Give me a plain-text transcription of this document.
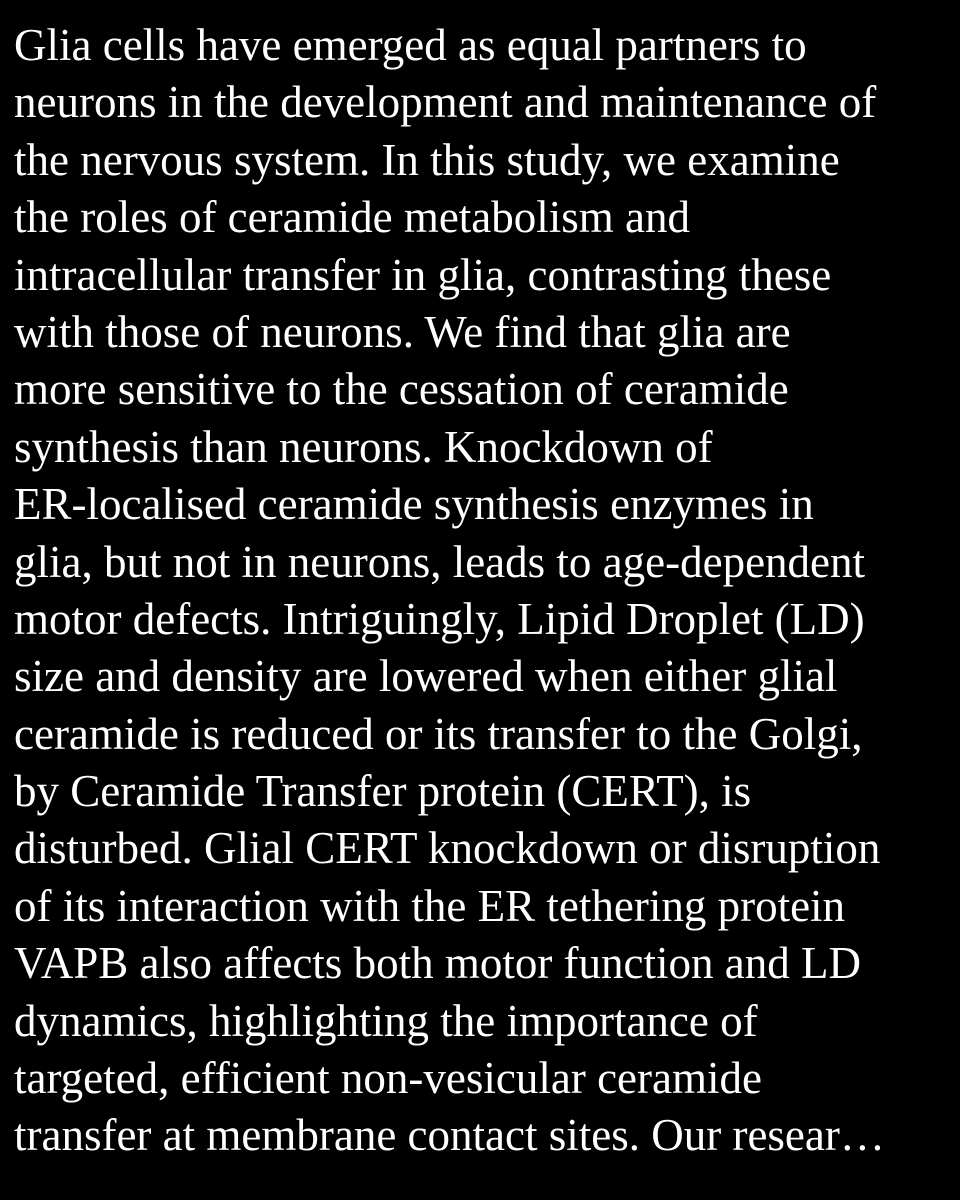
Glia cells have emerged as equal partners to
neurons in the development and maintenance of
the nervous system. In this study, we examine
the roles of ceramide metabolism and
intracellular transfer in glia, contrasting these
with those of neurons. We find that glia are
more sensitive to the cessation of ceramide
synthesis than neurons. Knockdown of
ER-localised ceramide synthesis enzymes in
glia, but not in neurons, leads to age-dependent
motor defects. Intriguingly, Lipid Droplet (LD)
size and density are lowered when either glial
ceramide is reduced or its transfer to the Golgi,
by Ceramide Transfer protein (CERT), is
disturbed. Glial CERT knockdown or disruption
of its interaction with the ER tethering protein
VAPB also affects both motor function and LD
dynamics, highlighting the importance of
targeted, efficient non-vesicular ceramide
transfer at membrane contact sites. Our resear…
